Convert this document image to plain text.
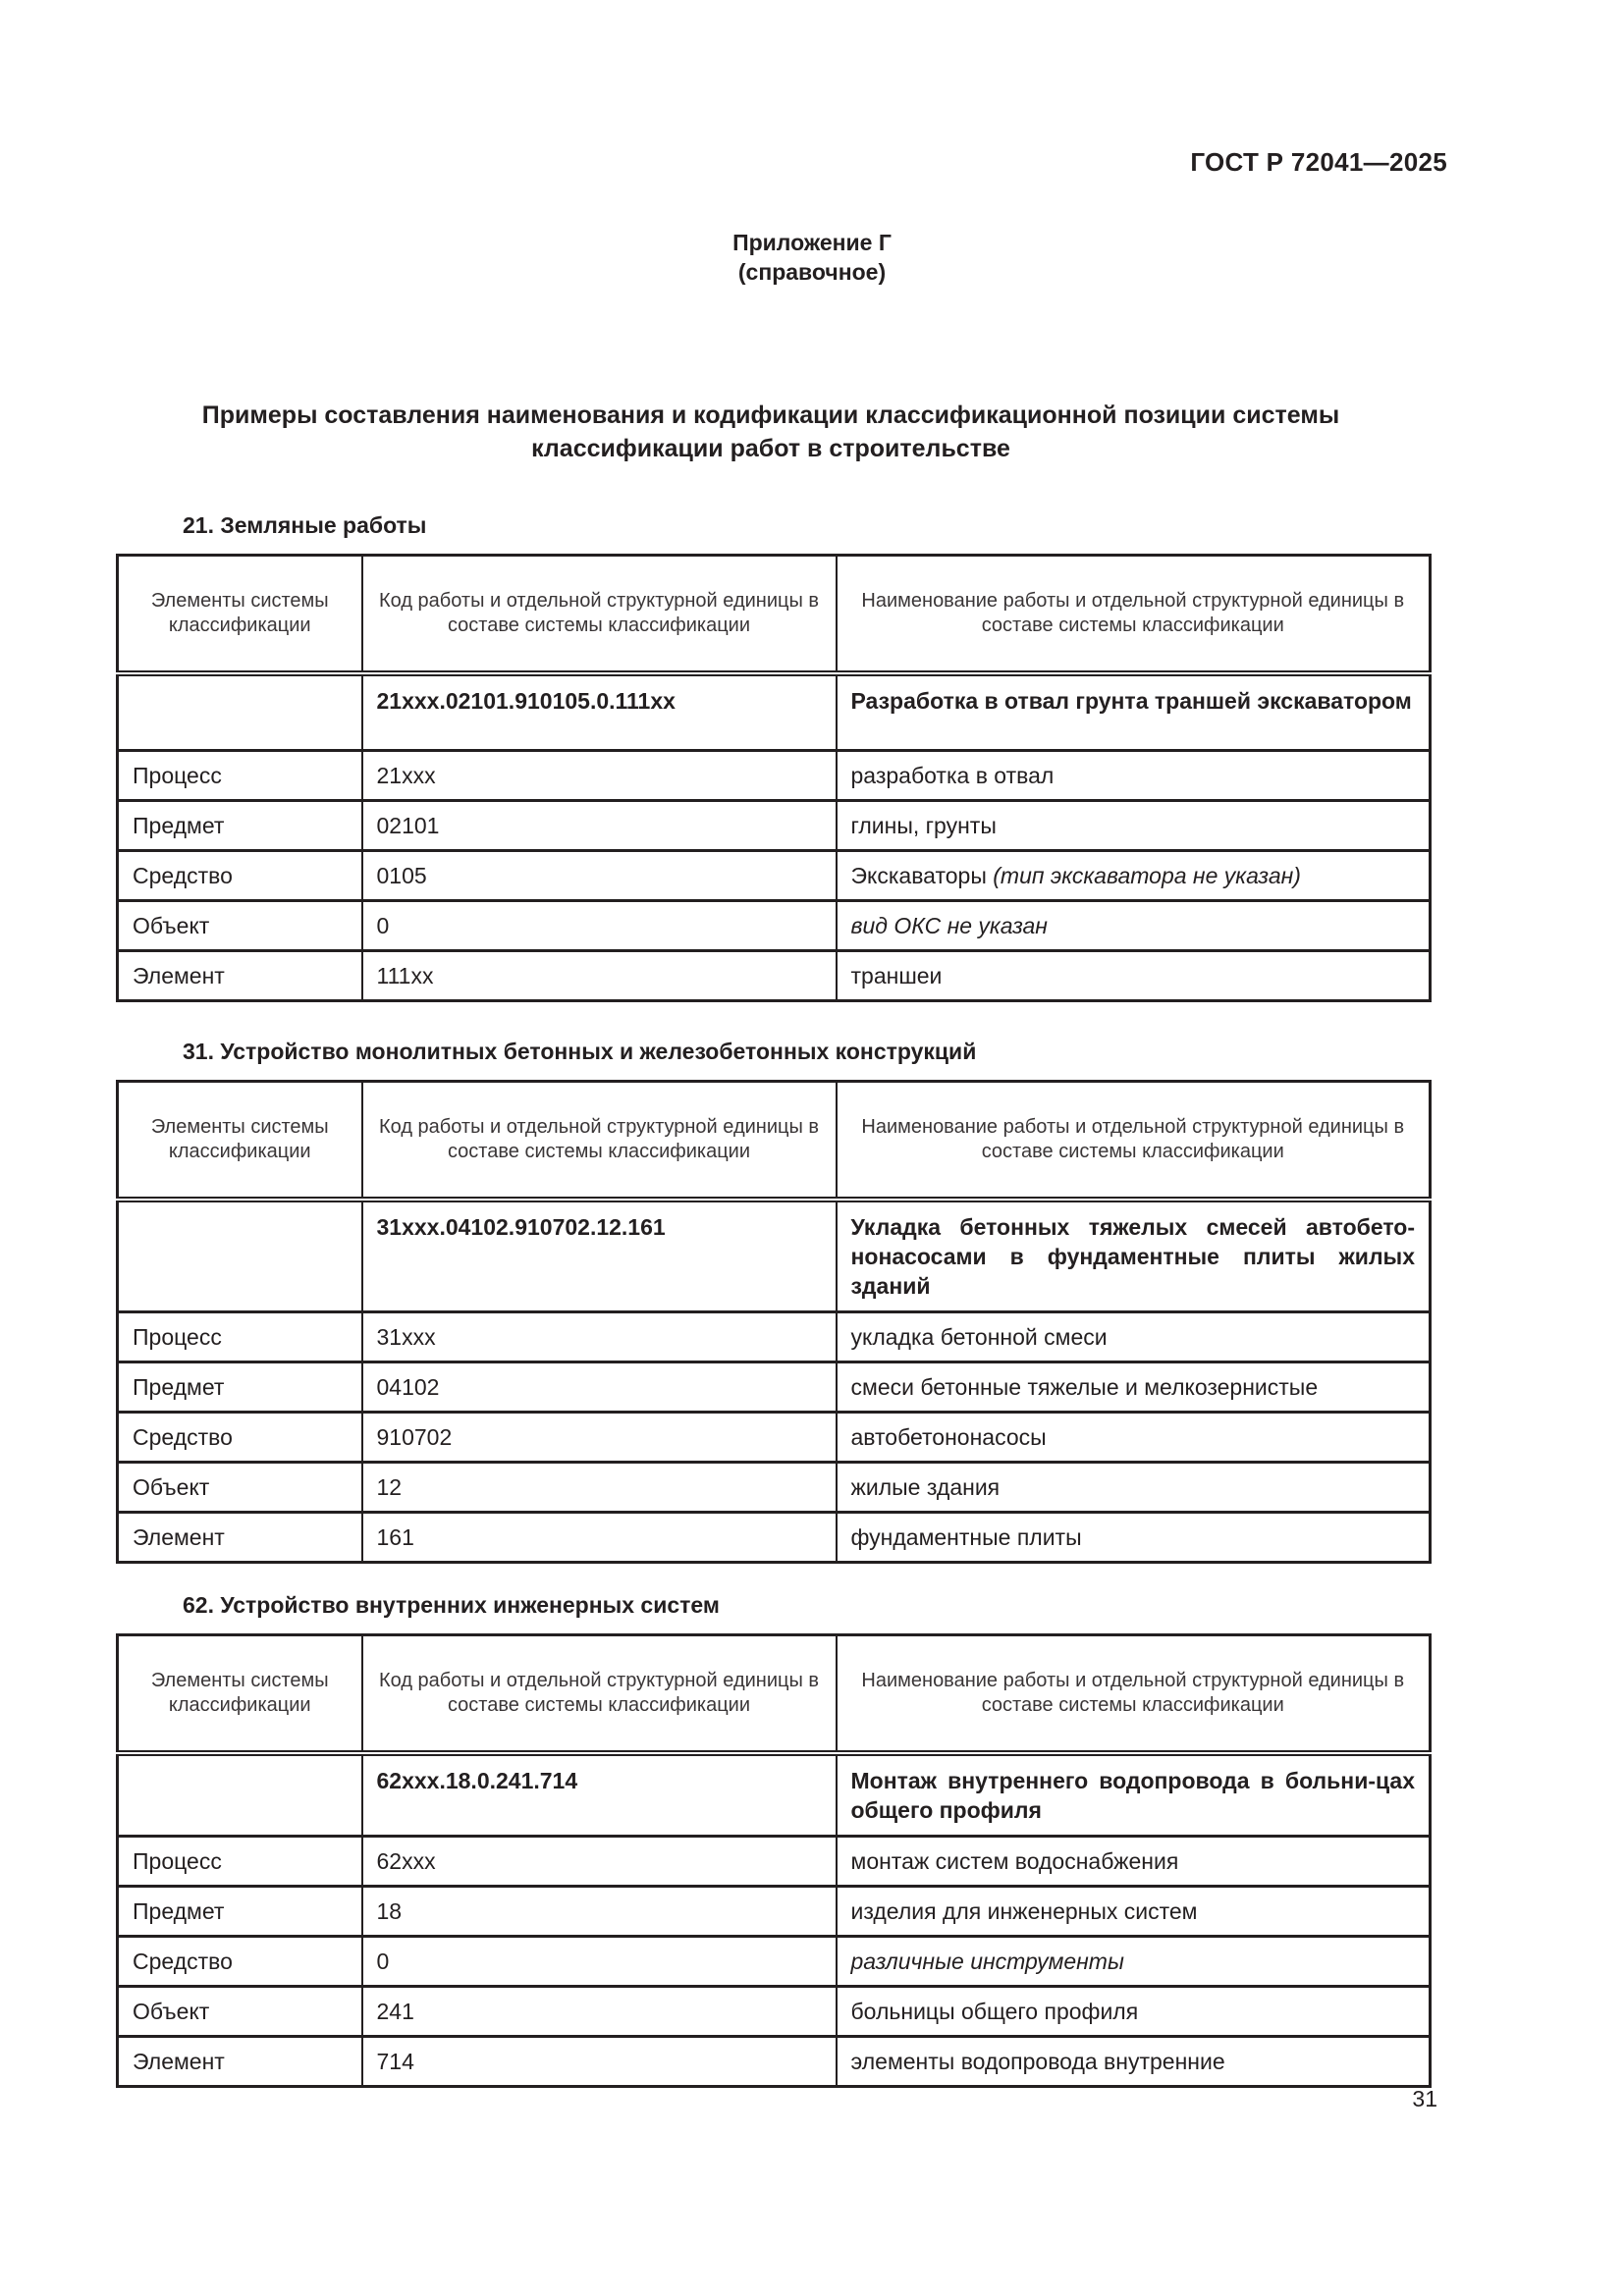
ГОСТ Р 72041—2025
Приложение Г
(справочное)
Примеры составления наименования и кодификации классификационной позиции системы
классификации работ в строительстве
21. Земляные работы
Элементы системы классификации	Код работы и отдельной структурной единицы в составе системы классификации	Наименование работы и отдельной структурной единицы в составе системы классификации
	21xxx.02101.910105.0.111xx	Разработка в отвал грунта траншей экскаватором
Процесс	21xxx	разработка в отвал
Предмет	02101	глины, грунты
Средство	0105	Экскаваторы (тип экскаватора не указан)
Объект	0	вид ОКС не указан
Элемент	111xx	траншеи
31. Устройство монолитных бетонных и железобетонных конструкций
Элементы системы классификации	Код работы и отдельной структурной единицы в составе системы классификации	Наименование работы и отдельной структурной единицы в составе системы классификации
	31xxx.04102.910702.12.161	Укладка бетонных тяжелых смесей автобето-нонасосами в фундаментные плиты жилых зданий
Процесс	31xxx	укладка бетонной смеси
Предмет	04102	смеси бетонные тяжелые и мелкозернистые
Средство	910702	автобетононасосы
Объект	12	жилые здания
Элемент	161	фундаментные плиты
62. Устройство внутренних инженерных систем
Элементы системы классификации	Код работы и отдельной структурной единицы в составе системы классификации	Наименование работы и отдельной структурной единицы в составе системы классификации
	62xxx.18.0.241.714	Монтаж внутреннего водопровода в больни-цах общего профиля
Процесс	62xxx	монтаж систем водоснабжения
Предмет	18	изделия для инженерных систем
Средство	0	различные инструменты
Объект	241	больницы общего профиля
Элемент	714	элементы водопровода внутренние
31
